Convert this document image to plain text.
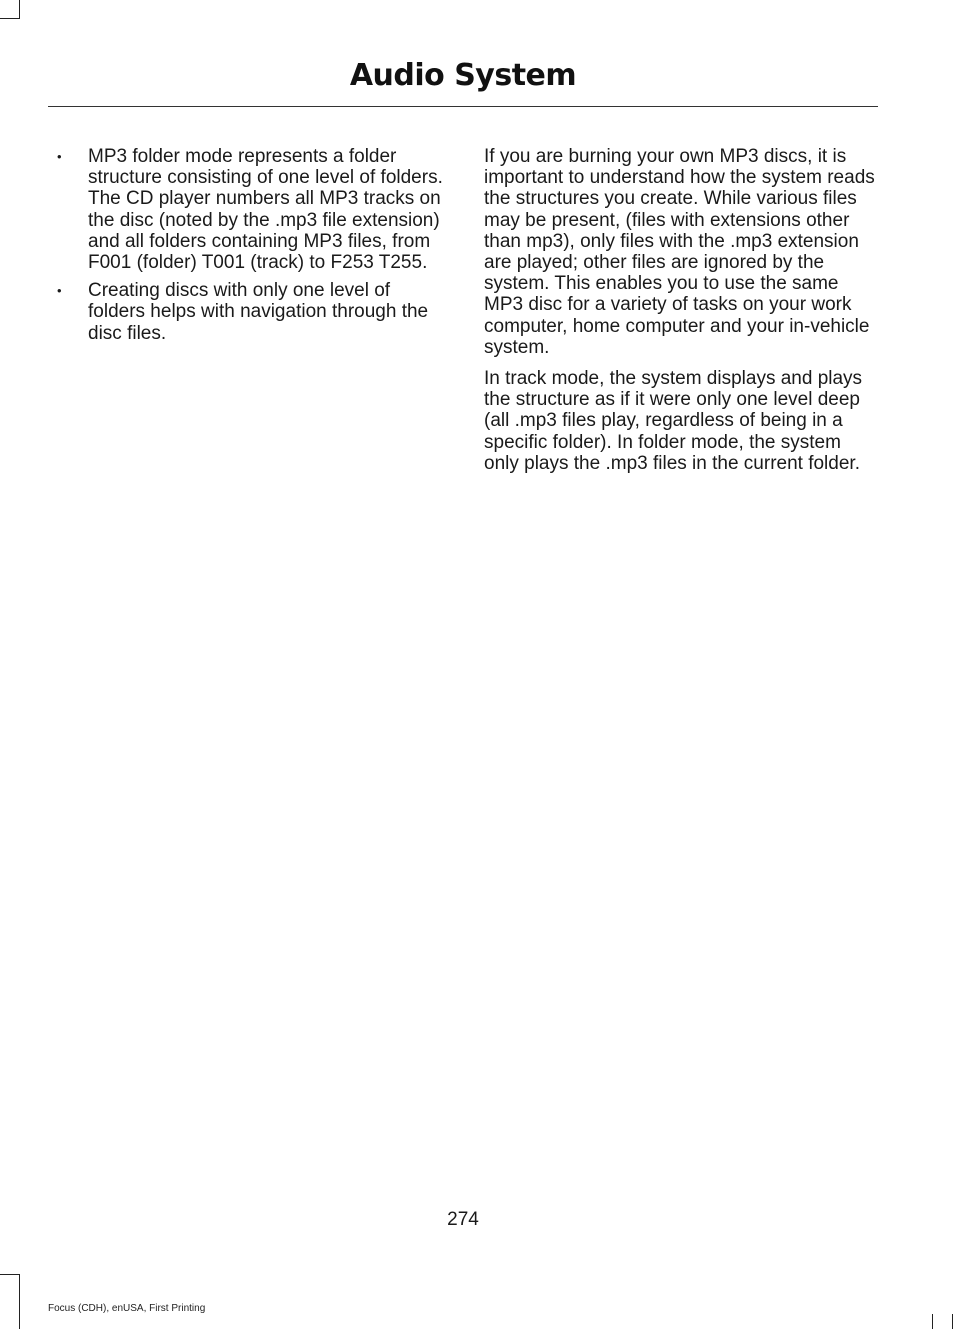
Audio System
• MP3 folder mode represents a folder structure consisting of one level of folders. The CD player numbers all MP3 tracks on the disc (noted by the .mp3 file extension) and all folders containing MP3 files, from F001 (folder) T001 (track) to F253 T255.
• Creating discs with only one level of folders helps with navigation through the disc files.

If you are burning your own MP3 discs, it is important to understand how the system reads the structures you create. While various files may be present, (files with extensions other than mp3), only files with the .mp3 extension are played; other files are ignored by the system. This enables you to use the same MP3 disc for a variety of tasks on your work computer, home computer and your in-vehicle system.

In track mode, the system displays and plays the structure as if it were only one level deep (all .mp3 files play, regardless of being in a specific folder). In folder mode, the system only plays the .mp3 files in the current folder.

274
Focus (CDH), enUSA, First Printing
